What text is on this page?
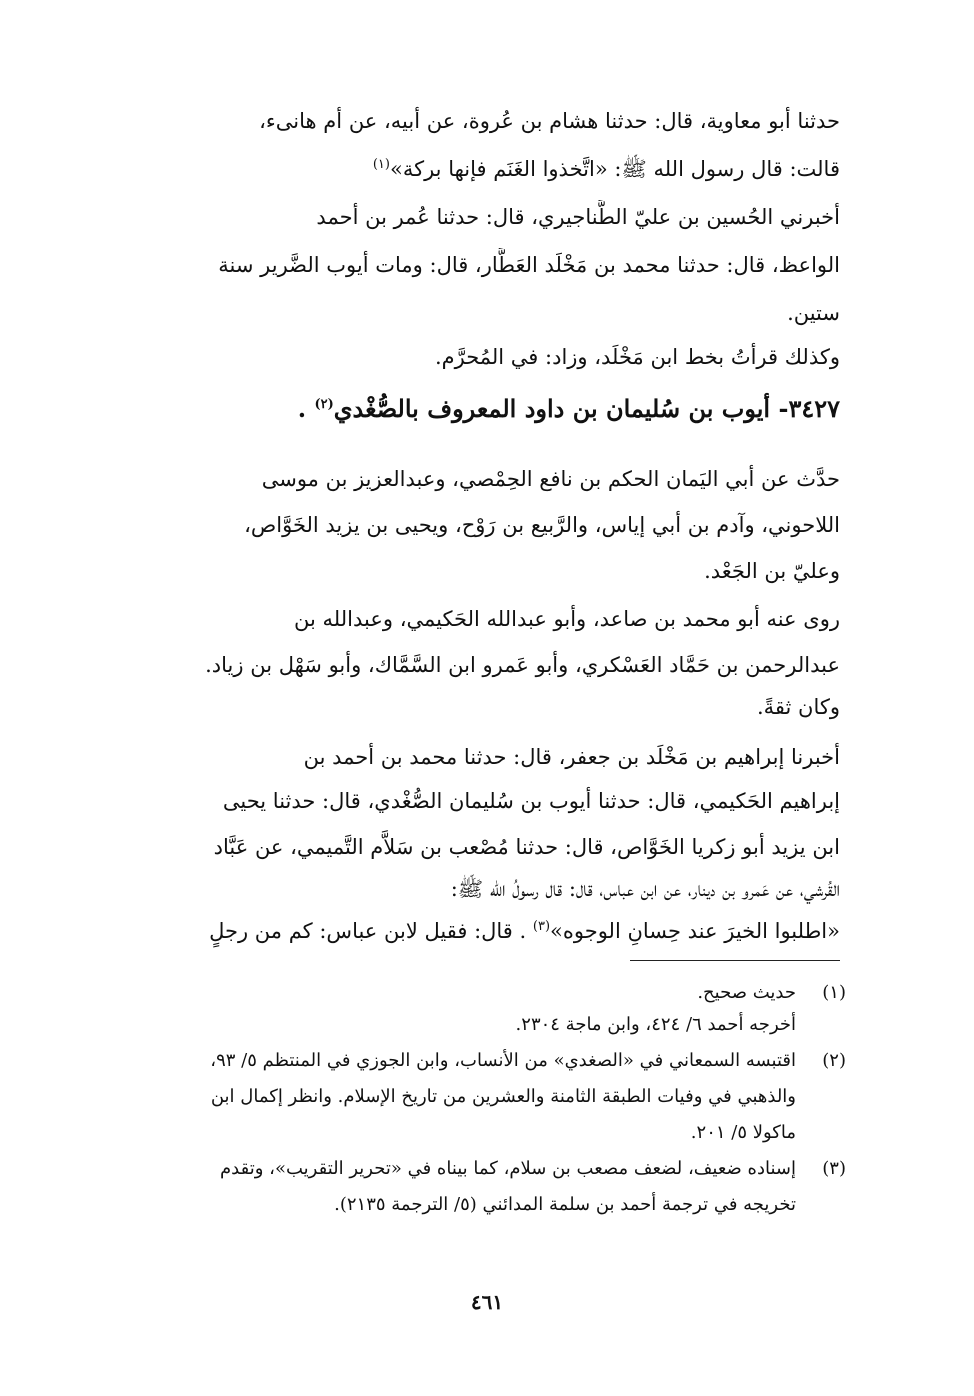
حدثنا أبو معاوية، قال: حدثنا هشام بن عُروة، عن أبيه، عن أم هانىء،
قالت: قال رسول الله ﷺ: «اتَّخذوا الغَنَم فإنها بركة»$^{(١)}$
أخبرني الحُسين بن عليّ الطَّناجيري، قال: حدثنا عُمر بن أحمد
الواعظ، قال: حدثنا محمد بن مَخْلَد العَطَّار، قال: ومات أيوب الضَّرير سنة
ستين.
وكذلك قرأتُ بخط ابن مَخْلَد، وزاد: في المُحرَّم.
٣٤٢٧- أيوب بن سُليمان بن داود المعروف بالصُّغْدي$^{(٢)}$ .
حدَّث عن أبي اليَمان الحكم بن نافع الحِمْصي، وعبدالعزيز بن موسى
اللاحوني، وآدم بن أبي إياس، والرَّبيع بن رَوْح، ويحيى بن يزيد الخَوَّاص،
وعليّ بن الجَعْد.
روى عنه أبو محمد بن صاعد، وأبو عبدالله الحَكيمي، وعبدالله بن
عبدالرحمن بن حَمَّاد العَسْكري، وأبو عَمرو ابن السَّمَّاك، وأبو سَهْل بن زياد.
وكان ثقةً.
أخبرنا إبراهيم بن مَخْلَد بن جعفر، قال: حدثنا محمد بن أحمد بن
إبراهيم الحَكيمي، قال: حدثنا أيوب بن سُليمان الصُّغْدي، قال: حدثنا يحيى
ابن يزيد أبو زكريا الخَوَّاص، قال: حدثنا مُصْعب بن سَلاَّم التَّميمي، عن عَبَّاد
القُرشي، عن عَمرو بن دينار، عن ابن عباس، قال: قال رسولُ الله ﷺ:
«اطلبوا الخيرَ عند حِسانِ الوجوه»$^{(٣)}$ . قال: فقيل لابن عباس: كم من رجلٍ
(١)
حديث صحيح.
أخرجه أحمد ٦/ ٤٢٤، وابن ماجة ٢٣٠٤.
(٢)
اقتبسه السمعاني في «الصغدي» من الأنساب، وابن الجوزي في المنتظم ٥/ ٩٣،
والذهبي في وفيات الطبقة الثامنة والعشرين من تاريخ الإسلام. وانظر إكمال ابن
ماكولا ٥/ ٢٠١.
(٣)
إسناده ضعيف، لضعف مصعب بن سلام، كما بيناه في «تحرير التقريب»، وتقدم
تخريجه في ترجمة أحمد بن سلمة المدائني (٥/ الترجمة ٢١٣٥).
٤٦١
